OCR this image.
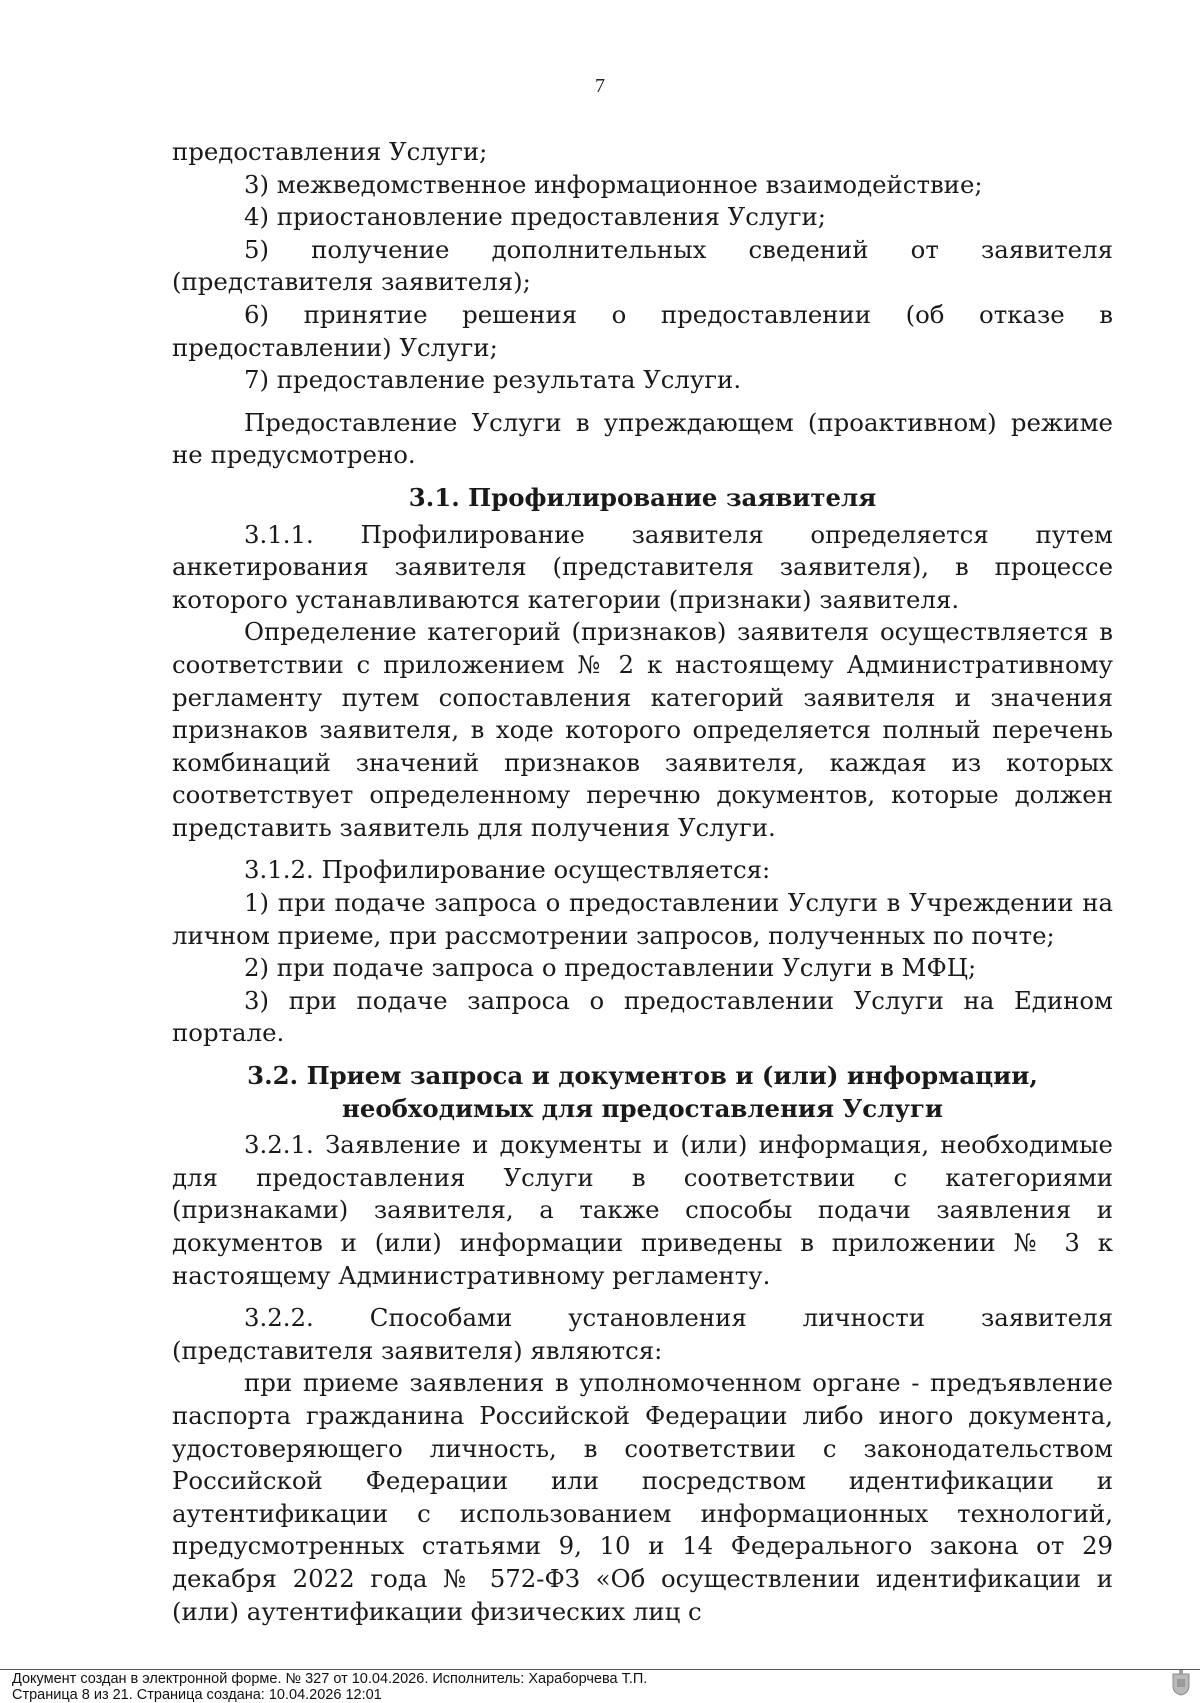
7

предоставления Услуги;

3) межведомственное информационное взаимодействие;

4) приостановление предоставления Услуги;

5) получение дополнительных сведений от заявителя (представителя заявителя);

6) принятие решения о предоставлении (об отказе в предоставлении) Услуги;

7) предоставление результата Услуги.

Предоставление Услуги в упреждающем (проактивном) режиме не предусмотрено.

3.1. Профилирование заявителя

3.1.1. Профилирование заявителя определяется путем анкетирования заявителя (представителя заявителя), в процессе которого устанавливаются категории (признаки) заявителя.

Определение категорий (признаков) заявителя осуществляется в соответствии с приложением № 2 к настоящему Административному регламенту путем сопоставления категорий заявителя и значения признаков заявителя, в ходе которого определяется полный перечень комбинаций значений признаков заявителя, каждая из которых соответствует определенному перечню документов, которые должен представить заявитель для получения Услуги.

3.1.2. Профилирование осуществляется:

1) при подаче запроса о предоставлении Услуги в Учреждении на личном приеме, при рассмотрении запросов, полученных по почте;

2) при подаче запроса о предоставлении Услуги в МФЦ;

3) при подаче запроса о предоставлении Услуги на Едином портале.

3.2. Прием запроса и документов и (или) информации, необходимых для предоставления Услуги

3.2.1. Заявление и документы и (или) информация, необходимые для предоставления Услуги в соответствии с категориями (признаками) заявителя, а также способы подачи заявления и документов и (или) информации приведены в приложении № 3 к настоящему Административному регламенту.

3.2.2. Способами установления личности заявителя (представителя заявителя) являются:

при приеме заявления в уполномоченном органе - предъявление паспорта гражданина Российской Федерации либо иного документа, удостоверяющего личность, в соответствии с законодательством Российской Федерации или посредством идентификации и аутентификации с использованием информационных технологий, предусмотренных статьями 9, 10 и 14 Федерального закона от 29 декабря 2022 года № 572-ФЗ «Об осуществлении идентификации и (или) аутентификации физических лиц с

Документ создан в электронной форме. № 327 от 10.04.2026. Исполнитель: Хараборчева Т.П.
Страница 8 из 21. Страница создана: 10.04.2026 12:01
